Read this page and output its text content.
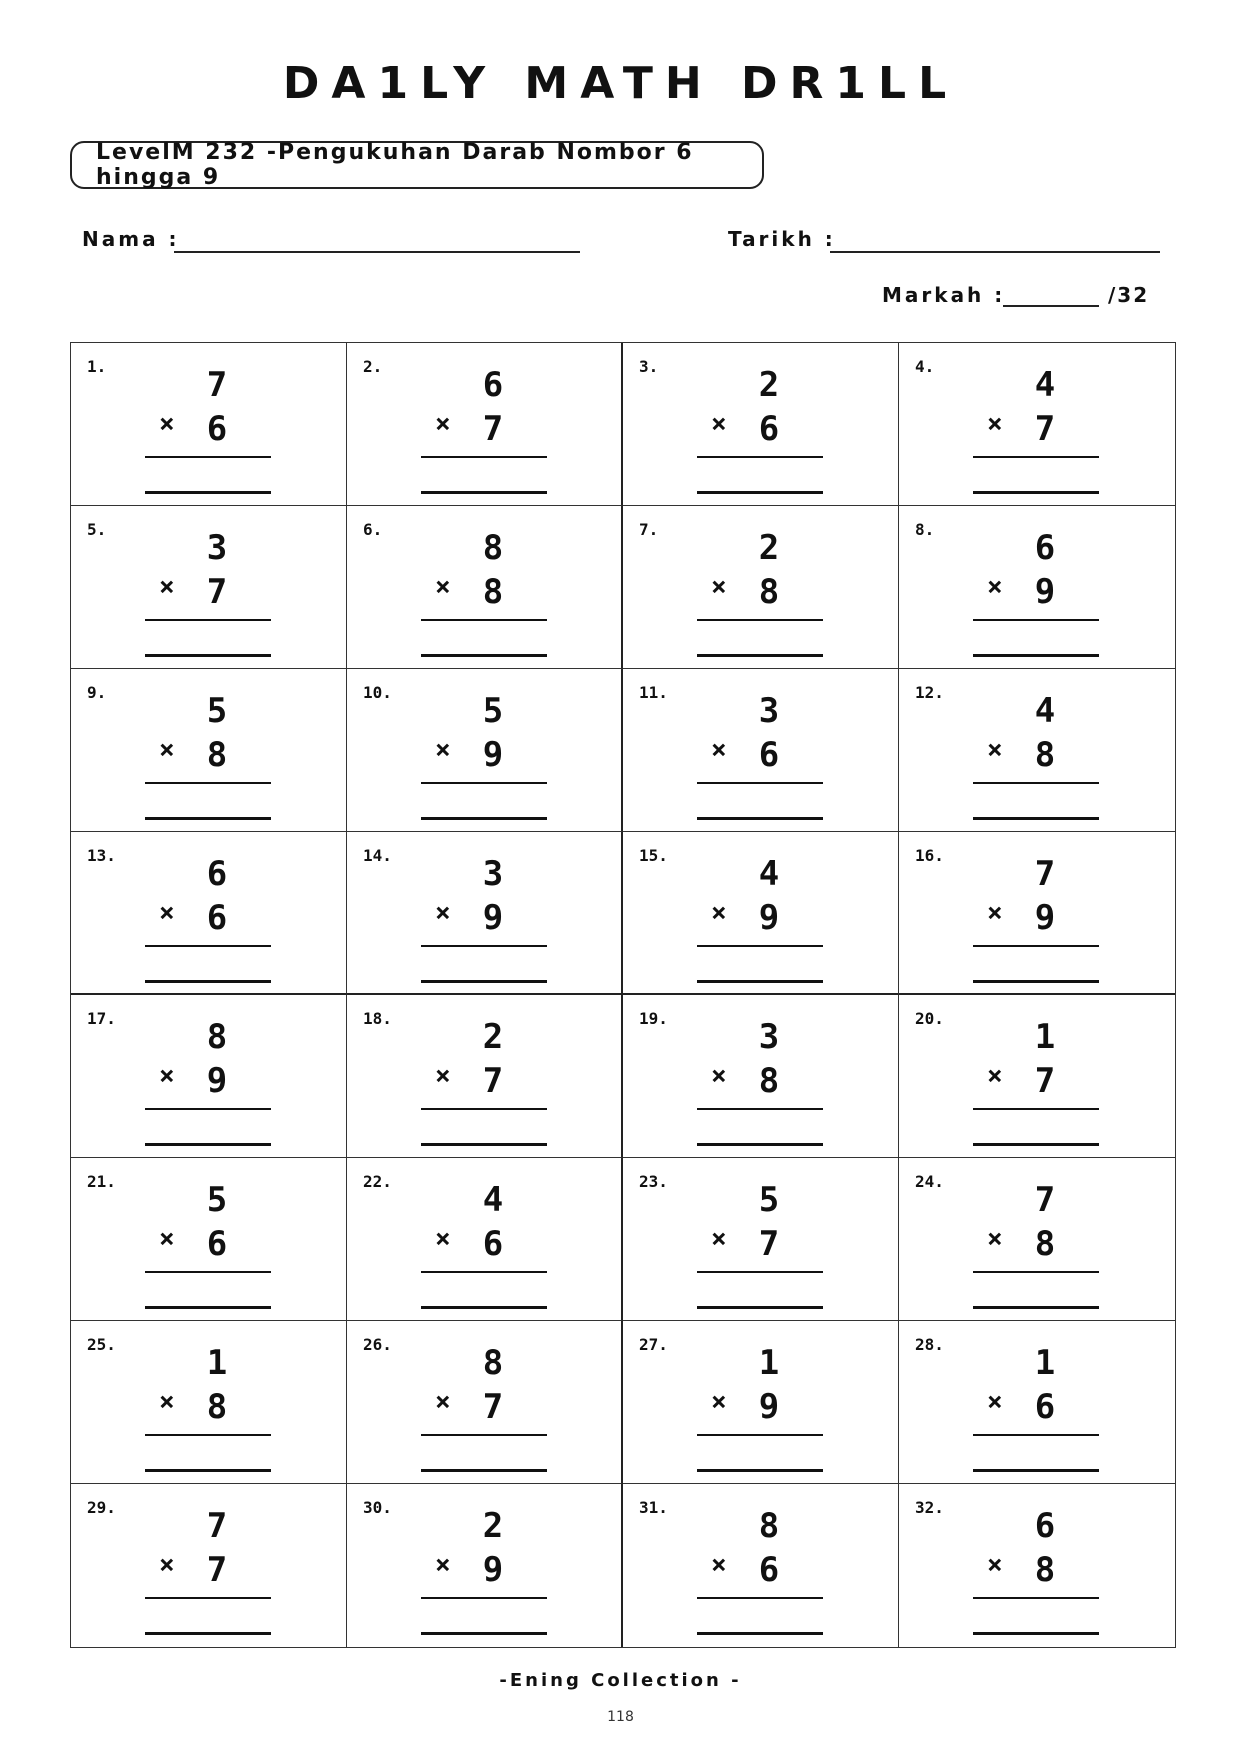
DA1LY MATH DR1LL
LevelM 232 -Pengukuhan Darab Nombor 6 hingga 9
Nama :	Tarikh :
Markah :	/32
1.	7
× 6
2.	6
× 7
3.	2
× 6
4.	4
× 7
5.	3
× 7
6.	8
× 8
7.	2
× 8
8.	6
× 9
9.	5
× 8
10.	5
× 9
11.	3
× 6
12.	4
× 8
13.	6
× 6
14.	3
× 9
15.	4
× 9
16.	7
× 9
17.	8
× 9
18.	2
× 7
19.	3
× 8
20.	1
× 7
21.	5
× 6
22.	4
× 6
23.	5
× 7
24.	7
× 8
25.	1
× 8
26.	8
× 7
27.	1
× 9
28.	1
× 6
29.	7
× 7
30.	2
× 9
31.	8
× 6
32.	6
× 8
-Ening Collection -
118
